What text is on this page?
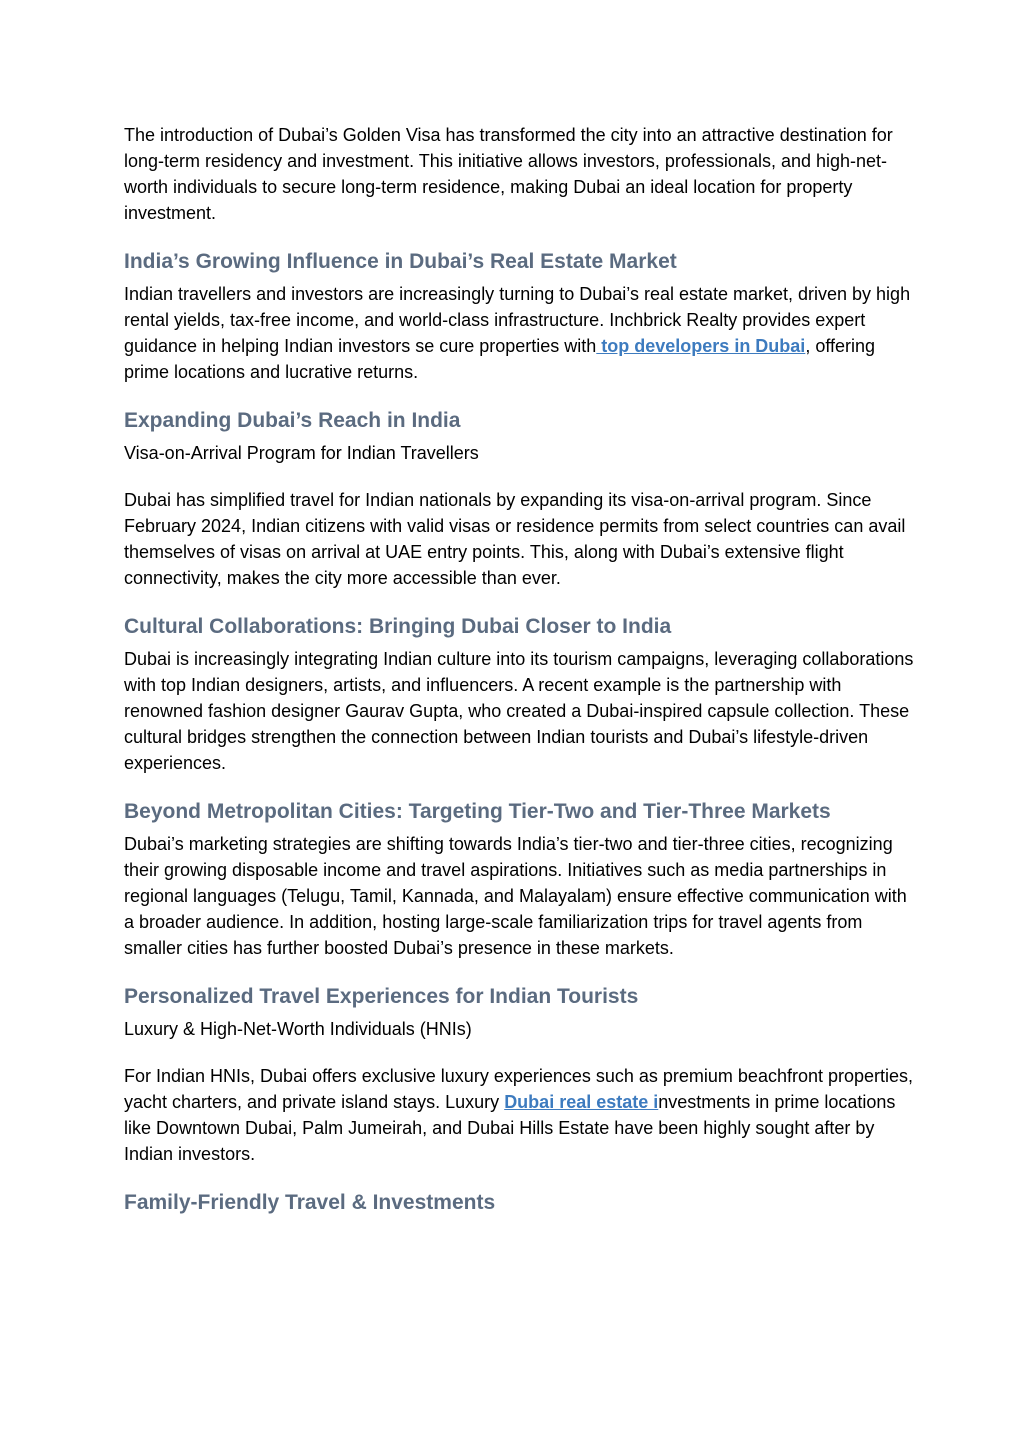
The introduction of Dubai’s Golden Visa has transformed the city into an attractive destination for long-term residency and investment. This initiative allows investors, professionals, and high-net-worth individuals to secure long-term residence, making Dubai an ideal location for property investment.

India’s Growing Influence in Dubai’s Real Estate Market

Indian travellers and investors are increasingly turning to Dubai’s real estate market, driven by high rental yields, tax-free income, and world-class infrastructure. Inchbrick Realty provides expert guidance in helping Indian investors se cure properties with top developers in Dubai, offering prime locations and lucrative returns.

Expanding Dubai’s Reach in India

Visa-on-Arrival Program for Indian Travellers

Dubai has simplified travel for Indian nationals by expanding its visa-on-arrival program. Since February 2024, Indian citizens with valid visas or residence permits from select countries can avail themselves of visas on arrival at UAE entry points. This, along with Dubai’s extensive flight connectivity, makes the city more accessible than ever.

Cultural Collaborations: Bringing Dubai Closer to India

Dubai is increasingly integrating Indian culture into its tourism campaigns, leveraging collaborations with top Indian designers, artists, and influencers. A recent example is the partnership with renowned fashion designer Gaurav Gupta, who created a Dubai-inspired capsule collection. These cultural bridges strengthen the connection between Indian tourists and Dubai’s lifestyle-driven experiences.

Beyond Metropolitan Cities: Targeting Tier-Two and Tier-Three Markets

Dubai’s marketing strategies are shifting towards India’s tier-two and tier-three cities, recognizing their growing disposable income and travel aspirations. Initiatives such as media partnerships in regional languages (Telugu, Tamil, Kannada, and Malayalam) ensure effective communication with a broader audience. In addition, hosting large-scale familiarization trips for travel agents from smaller cities has further boosted Dubai’s presence in these markets.

Personalized Travel Experiences for Indian Tourists

Luxury & High-Net-Worth Individuals (HNIs)

For Indian HNIs, Dubai offers exclusive luxury experiences such as premium beachfront properties, yacht charters, and private island stays. Luxury Dubai real estate investments in prime locations like Downtown Dubai, Palm Jumeirah, and Dubai Hills Estate have been highly sought after by Indian investors.

Family-Friendly Travel & Investments
